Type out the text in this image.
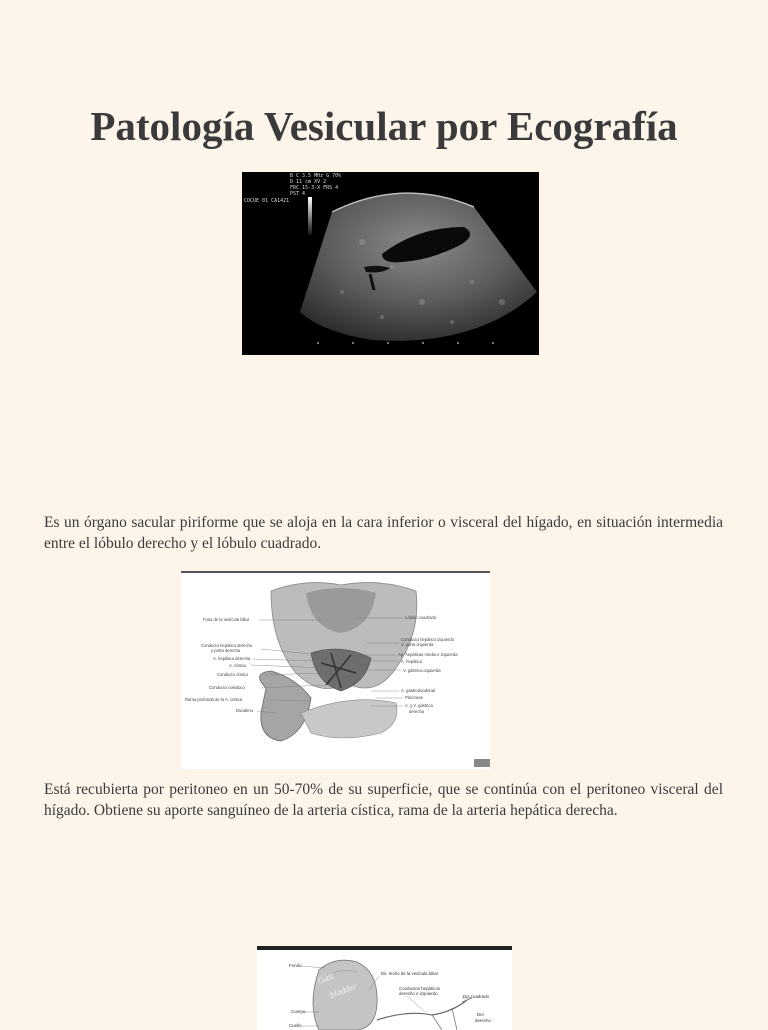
Patología Vesicular por Ecografía
B C 3.5 MHz G 70%
D 11 cm XV 2
FRC 15-3-X FRS 4
PST 4
COCUE 01 CA1421

Es un órgano sacular piriforme que se aloja en la cara inferior o visceral del hígado, en situación intermedia entre el lóbulo derecho y el lóbulo cuadrado.

Fosa de la vesícula biliar
Conducto hepático derecho
y porta derecha
A. hepática derecha
A. cística
Conducto cístico
Conducto colédoco
Rama profunda de la A. cística
Duodeno
Lóbulo cuadrado
Conducto hepático izquierdo
V. porta izquierda
Ap. hepáticas media e izquierda
A. hepática
V. gástrica izquierda
A. gastroduodenal
Páncreas
A. y V. gástrica
derecha

Está recubierta por peritoneo en un 50-70% de su superficie, que se continúa con el peritoneo visceral del hígado. Obtiene su aporte sanguíneo de la arteria cística, rama de la arteria hepática derecha.

Gall
bladder
Fondo
Cuerpo
Cuello
Dir. techo de la vesícula biliar
Conductos hepáticos
derecho e izquierdo
Dct.cuadrado
Del
derecho
